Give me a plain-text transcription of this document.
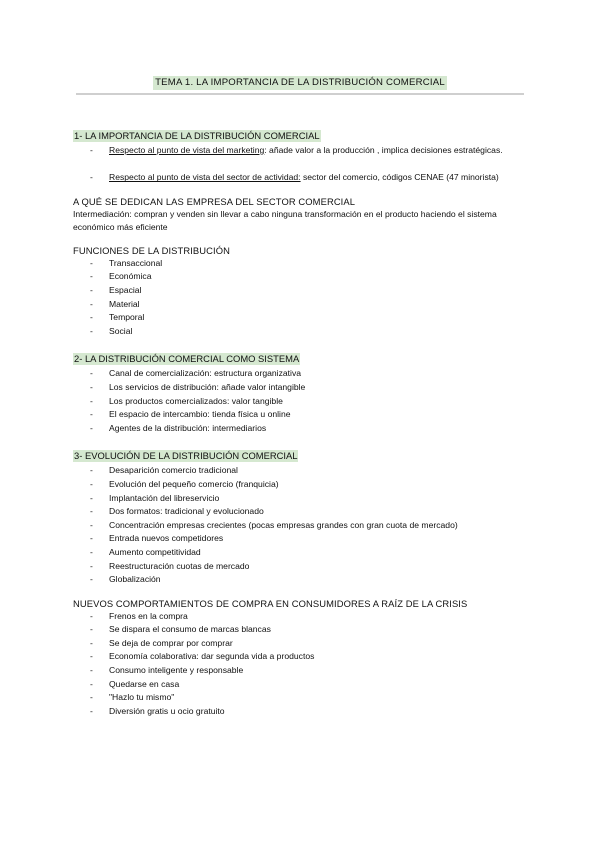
TEMA 1. LA IMPORTANCIA DE LA DISTRIBUCIÓN COMERCIAL
1- LA IMPORTANCIA DE LA DISTRIBUCIÓN COMERCIAL
- Respecto al punto de vista del marketing: añade valor a la producción , implica decisiones estratégicas.
- Respecto al punto de vista del sector de actividad: sector del comercio, códigos CENAE (47 minorista)
A QUÉ SE DEDICAN LAS EMPRESA DEL SECTOR COMERCIAL
Intermediación: compran y venden sin llevar a cabo ninguna transformación en el producto haciendo el sistema económico más eficiente
FUNCIONES DE LA DISTRIBUCIÓN
- Transaccional
- Económica
- Espacial
- Material
- Temporal
- Social
2- LA DISTRIBUCIÓN COMERCIAL COMO SISTEMA
- Canal de comercialización: estructura organizativa
- Los servicios de distribución: añade valor intangible
- Los productos comercializados: valor tangible
- El espacio de intercambio: tienda física u online
- Agentes de la distribución: intermediarios
3- EVOLUCIÓN DE LA DISTRIBUCIÓN COMERCIAL
- Desaparición comercio tradicional
- Evolución del pequeño comercio (franquicia)
- Implantación del libreservicio
- Dos formatos: tradicional y evolucionado
- Concentración empresas crecientes (pocas empresas grandes con gran cuota de mercado)
- Entrada nuevos competidores
- Aumento competitividad
- Reestructuración cuotas de mercado
- Globalización
NUEVOS COMPORTAMIENTOS DE COMPRA EN CONSUMIDORES A RAÍZ DE LA CRISIS
- Frenos en la compra
- Se dispara el consumo de marcas blancas
- Se deja de comprar por comprar
- Economía colaborativa: dar segunda vida a productos
- Consumo inteligente y responsable
- Quedarse en casa
- "Hazlo tu mismo"
- Diversión gratis u ocio gratuito
